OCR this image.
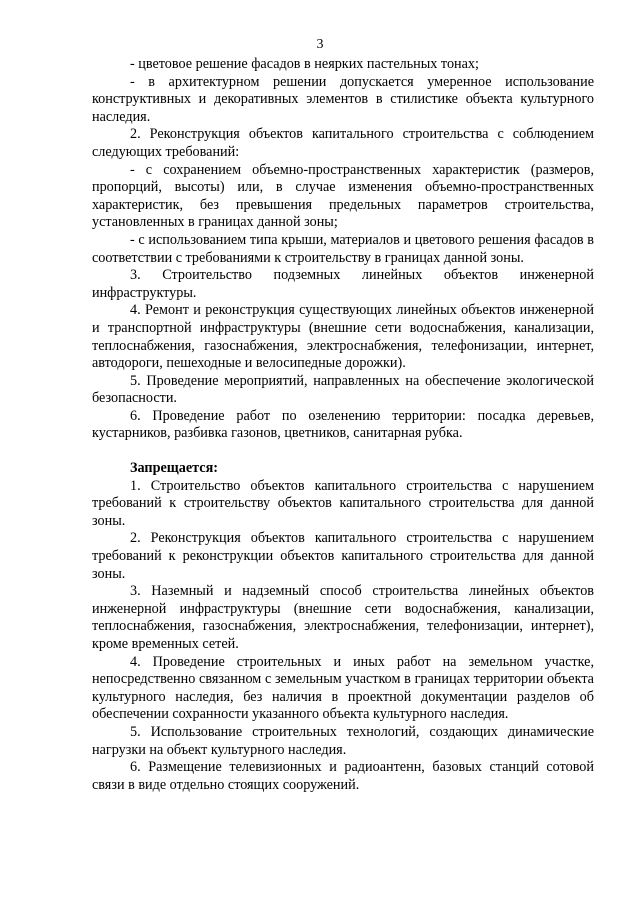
3

- цветовое решение фасадов в неярких пастельных тонах;

- в архитектурном решении допускается умеренное использование конструктивных и декоративных элементов в стилистике объекта культурного наследия.

2. Реконструкция объектов капитального строительства с соблюдением следующих требований:

- с сохранением объемно-пространственных характеристик (размеров, пропорций, высоты) или, в случае изменения объемно-пространственных характеристик, без превышения предельных параметров строительства, установленных в границах данной зоны;

- с использованием типа крыши, материалов и цветового решения фасадов в соответствии с требованиями к строительству в границах данной зоны.

3. Строительство подземных линейных объектов инженерной инфраструктуры.

4. Ремонт и реконструкция существующих линейных объектов инженерной и транспортной инфраструктуры (внешние сети водоснабжения, канализации, теплоснабжения, газоснабжения, электроснабжения, телефонизации, интернет, автодороги, пешеходные и велосипедные дорожки).

5. Проведение мероприятий, направленных на обеспечение экологической безопасности.

6. Проведение работ по озеленению территории: посадка деревьев, кустарников, разбивка газонов, цветников, санитарная рубка.

Запрещается:

1. Строительство объектов капитального строительства с нарушением требований к строительству объектов капитального строительства для данной зоны.

2. Реконструкция объектов капитального строительства с нарушением требований к реконструкции объектов капитального строительства для данной зоны.

3. Наземный и надземный способ строительства линейных объектов инженерной инфраструктуры (внешние сети водоснабжения, канализации, теплоснабжения, газоснабжения, электроснабжения, телефонизации, интернет), кроме временных сетей.

4. Проведение строительных и иных работ на земельном участке, непосредственно связанном с земельным участком в границах территории объекта культурного наследия, без наличия в проектной документации разделов об обеспечении сохранности указанного объекта культурного наследия.

5. Использование строительных технологий, создающих динамические нагрузки на объект культурного наследия.

6. Размещение телевизионных и радиоантенн, базовых станций сотовой связи в виде отдельно стоящих сооружений.
